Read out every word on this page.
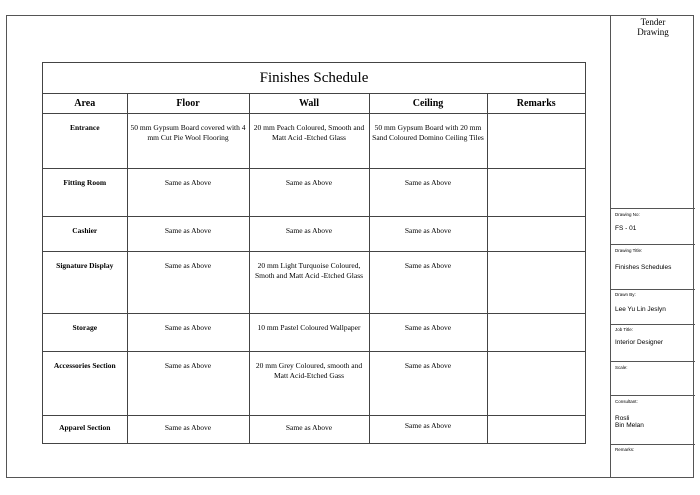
Tender Drawing
Drawing No:
FS - 01
Drawing Title:
Finishes Schedules
Drawn By:
Lee Yu Lin Jeslyn
Job Title:
Interior Designer
Scale:
Consultant:
Rosli
Bin Melan
Remarks:
Finishes Schedule
Area	Floor	Wall	Ceiling	Remarks
Entrance	50 mm Gypsum Board covered with 4 mm Cut Pie Wool Flooring	20 mm Peach Coloured, Smooth and Matt Acid -Etched Glass	50 mm Gypsum Board with 20 mm Sand Coloured Domino Ceiling Tiles	
Fitting Room	Same as Above	Same as Above	Same as Above	
Cashier	Same as Above	Same as Above	Same as Above	
Signature Display	Same as Above	20 mm Light Turquoise Coloured, Smoth and Matt Acid -Etched Glass	Same as Above	
Storage	Same as Above	10 mm Pastel Coloured Wallpaper	Same as Above	
Accessories Section	Same as Above	20 mm Grey Coloured, smooth and Matt Acid-Etched Gass	Same as Above	
Apparel Section	Same as Above	Same as Above	Same as Above	
